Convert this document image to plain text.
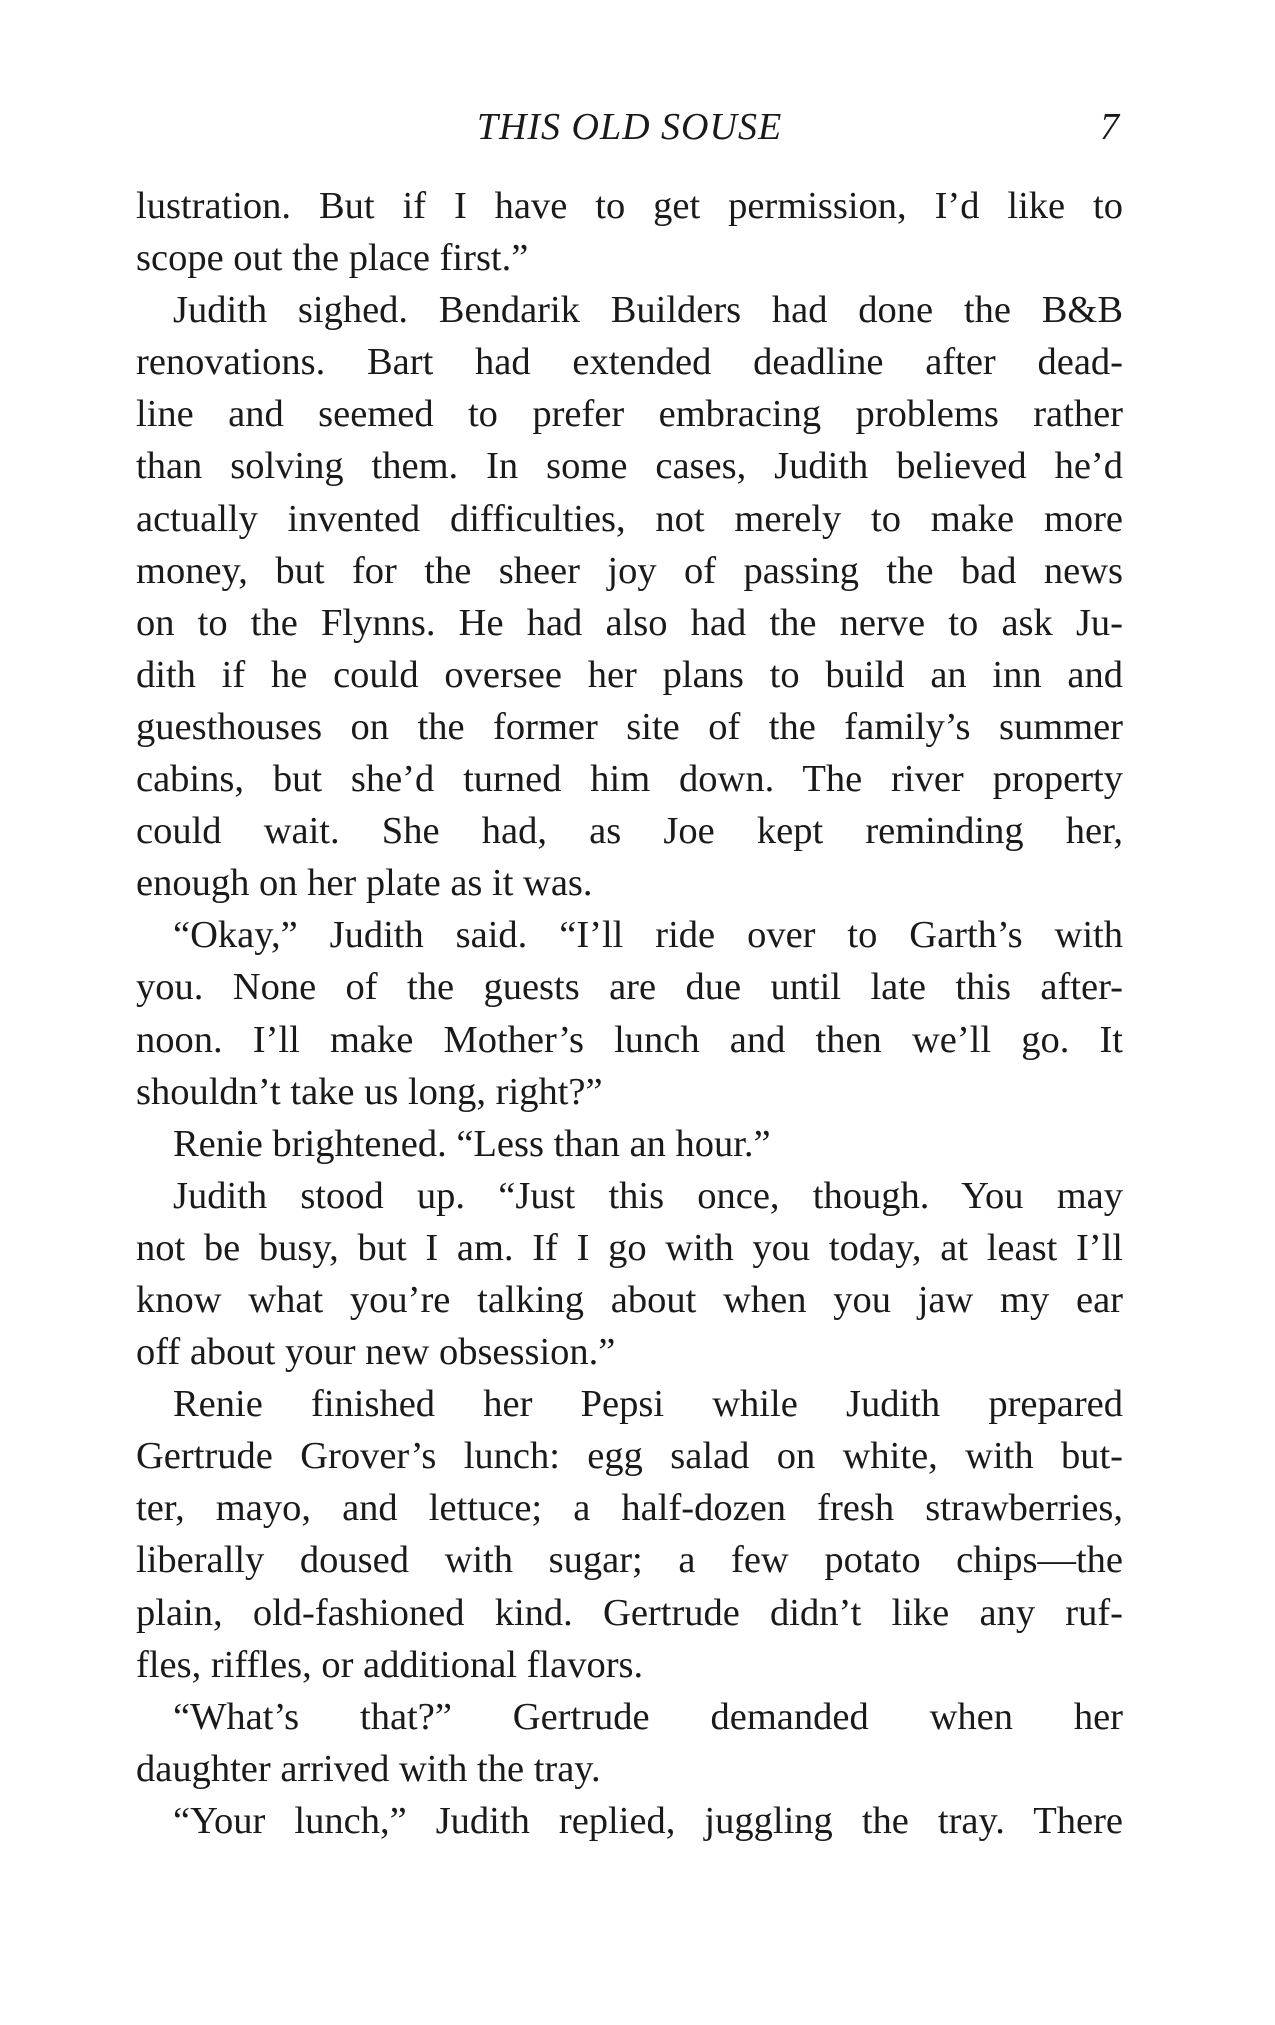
THIS OLD SOUSE	7
lustration. But if I have to get permission, I’d like to
scope out the place first.”
Judith sighed. Bendarik Builders had done the B&B
renovations. Bart had extended deadline after dead-
line and seemed to prefer embracing problems rather
than solving them. In some cases, Judith believed he’d
actually invented difficulties, not merely to make more
money, but for the sheer joy of passing the bad news
on to the Flynns. He had also had the nerve to ask Ju-
dith if he could oversee her plans to build an inn and
guesthouses on the former site of the family’s summer
cabins, but she’d turned him down. The river property
could wait. She had, as Joe kept reminding her,
enough on her plate as it was.
“Okay,” Judith said. “I’ll ride over to Garth’s with
you. None of the guests are due until late this after-
noon. I’ll make Mother’s lunch and then we’ll go. It
shouldn’t take us long, right?”
Renie brightened. “Less than an hour.”
Judith stood up. “Just this once, though. You may
not be busy, but I am. If I go with you today, at least I’ll
know what you’re talking about when you jaw my ear
off about your new obsession.”
Renie finished her Pepsi while Judith prepared
Gertrude Grover’s lunch: egg salad on white, with but-
ter, mayo, and lettuce; a half-dozen fresh strawberries,
liberally doused with sugar; a few potato chips—the
plain, old-fashioned kind. Gertrude didn’t like any ruf-
fles, riffles, or additional flavors.
“What’s that?” Gertrude demanded when her
daughter arrived with the tray.
“Your lunch,” Judith replied, juggling the tray. There
